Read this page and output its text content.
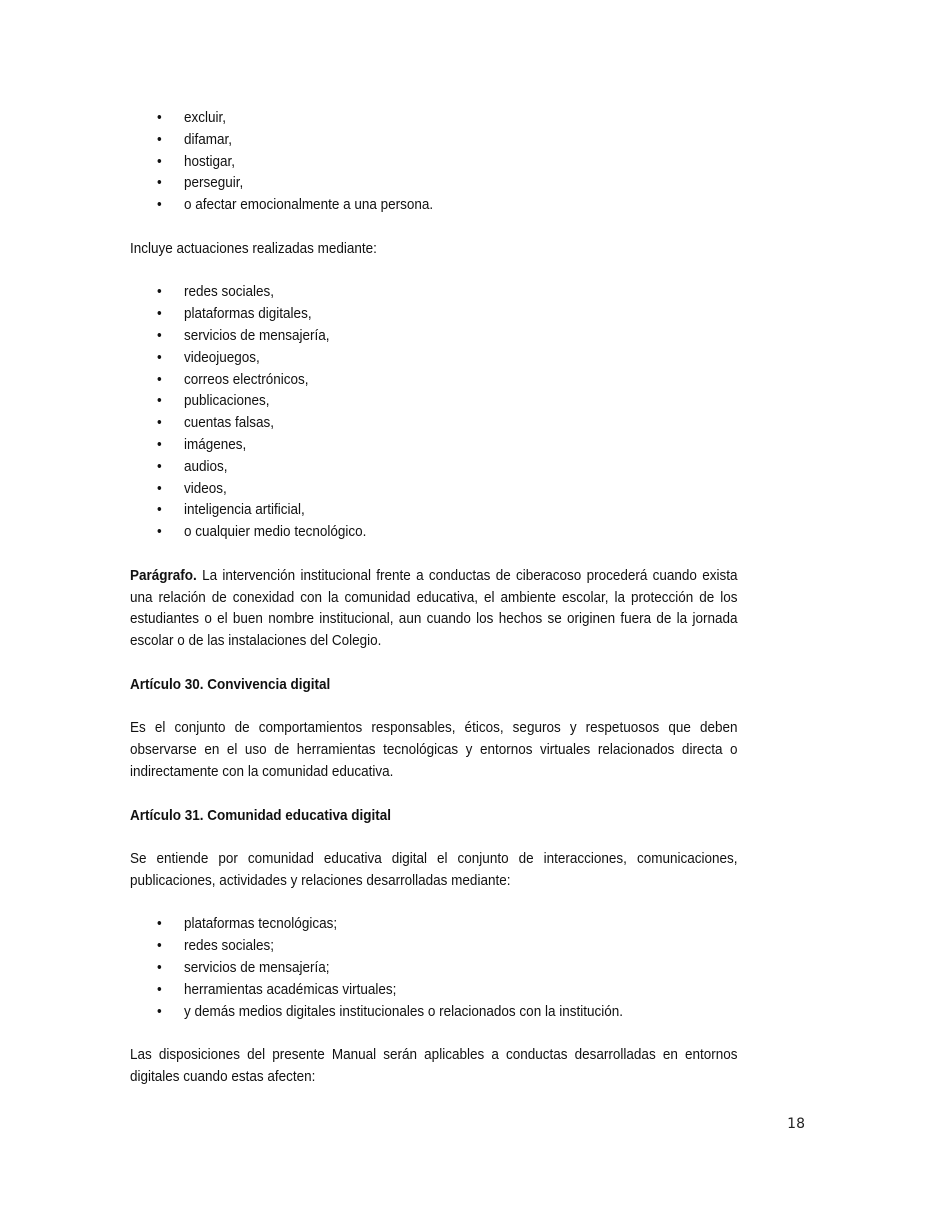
• excluir,
• difamar,
• hostigar,
• perseguir,
• o afectar emocionalmente a una persona.

Incluye actuaciones realizadas mediante:

• redes sociales,
• plataformas digitales,
• servicios de mensajería,
• videojuegos,
• correos electrónicos,
• publicaciones,
• cuentas falsas,
• imágenes,
• audios,
• videos,
• inteligencia artificial,
• o cualquier medio tecnológico.

Parágrafo. La intervención institucional frente a conductas de ciberacoso procederá cuando exista una relación de conexidad con la comunidad educativa, el ambiente escolar, la protección de los estudiantes o el buen nombre institucional, aun cuando los hechos se originen fuera de la jornada escolar o de las instalaciones del Colegio.

Artículo 30. Convivencia digital

Es el conjunto de comportamientos responsables, éticos, seguros y respetuosos que deben observarse en el uso de herramientas tecnológicas y entornos virtuales relacionados directa o indirectamente con la comunidad educativa.

Artículo 31. Comunidad educativa digital

Se entiende por comunidad educativa digital el conjunto de interacciones, comunicaciones, publicaciones, actividades y relaciones desarrolladas mediante:

• plataformas tecnológicas;
• redes sociales;
• servicios de mensajería;
• herramientas académicas virtuales;
• y demás medios digitales institucionales o relacionados con la institución.

Las disposiciones del presente Manual serán aplicables a conductas desarrolladas en entornos digitales cuando estas afecten:

18
